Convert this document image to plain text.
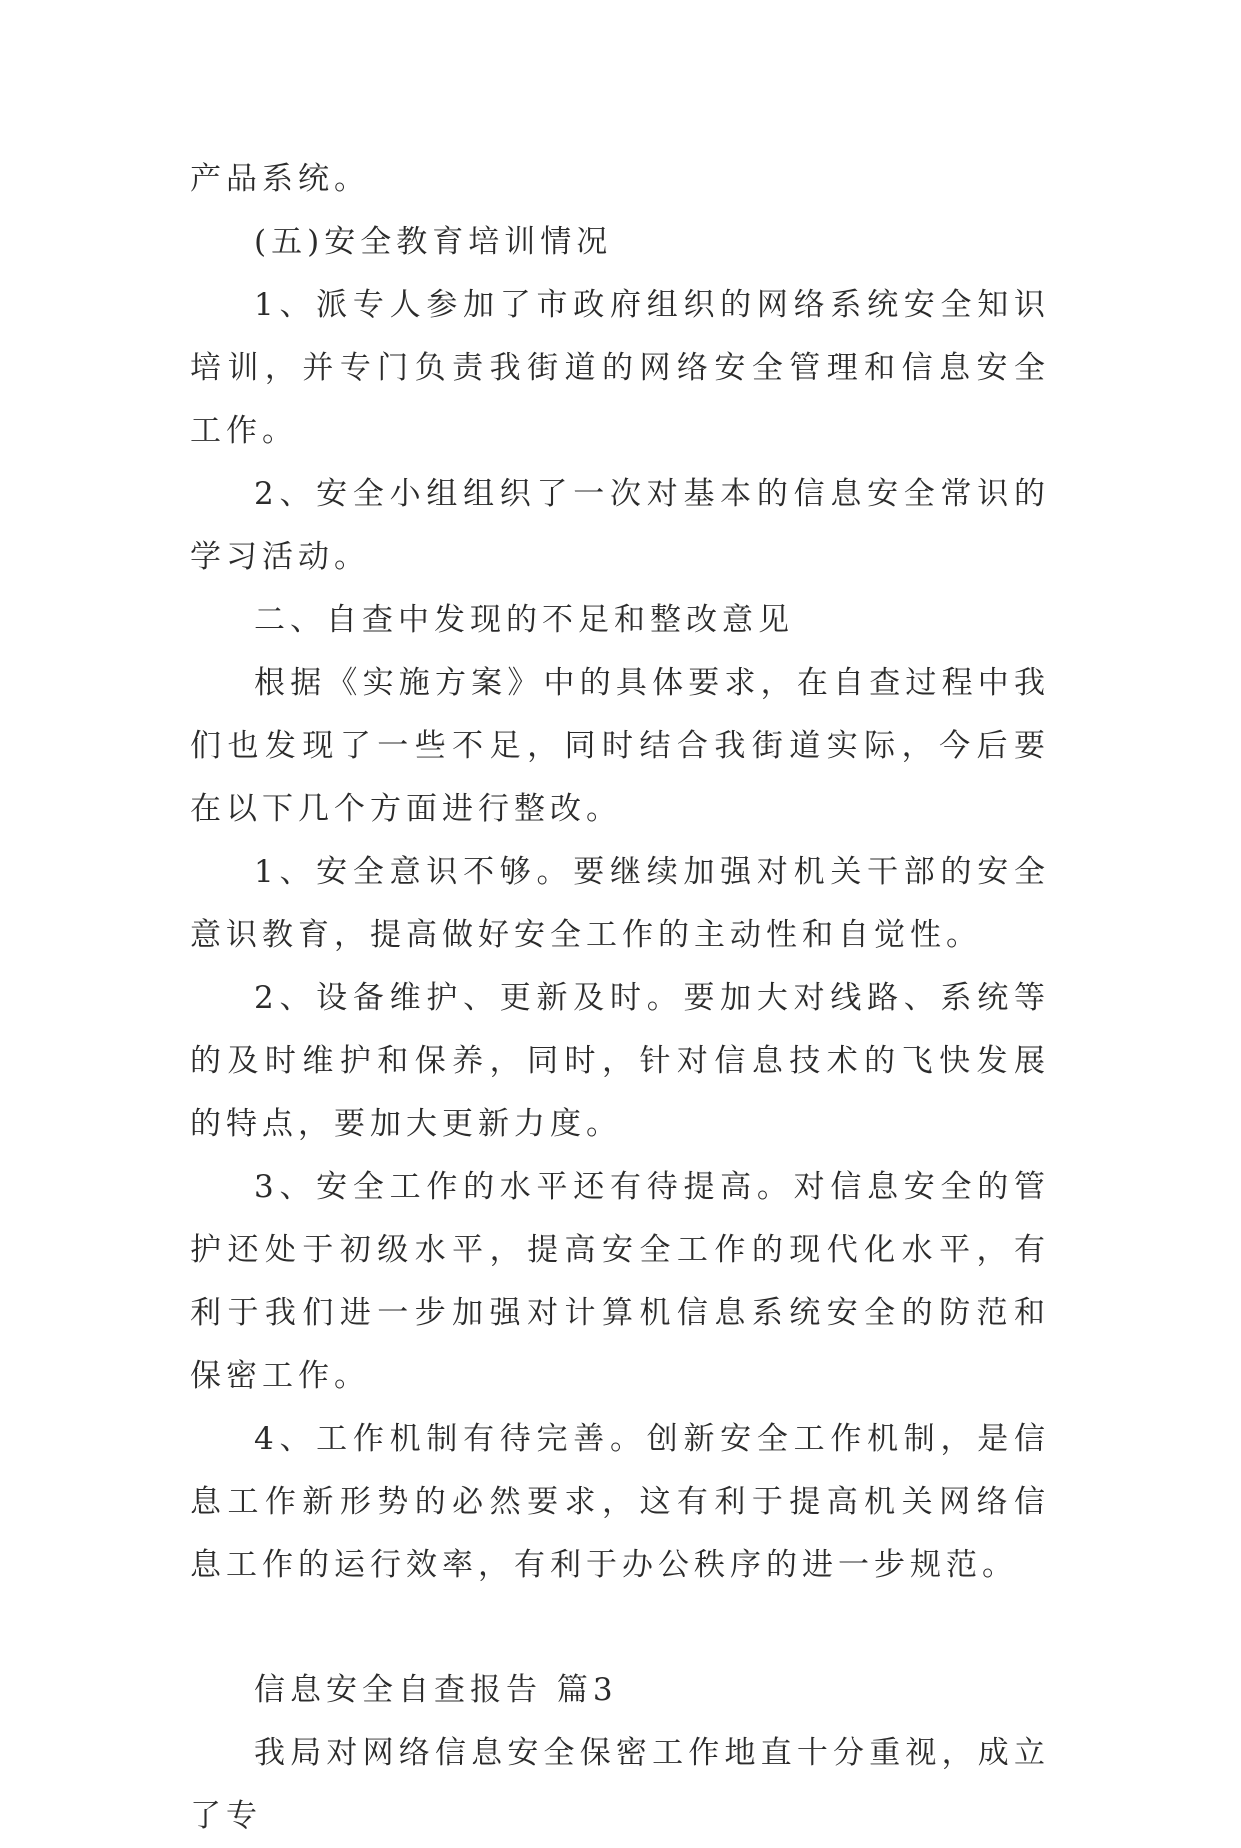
产品系统。

(五)安全教育培训情况

1、派专人参加了市政府组织的网络系统安全知识培训，并专门负责我街道的网络安全管理和信息安全工作。

2、安全小组组织了一次对基本的信息安全常识的学习活动。

二、自查中发现的不足和整改意见

根据《实施方案》中的具体要求，在自查过程中我们也发现了一些不足，同时结合我街道实际，今后要在以下几个方面进行整改。

1、安全意识不够。要继续加强对机关干部的安全意识教育，提高做好安全工作的主动性和自觉性。

2、设备维护、更新及时。要加大对线路、系统等的及时维护和保养，同时，针对信息技术的飞快发展的特点，要加大更新力度。

3、安全工作的水平还有待提高。对信息安全的管护还处于初级水平，提高安全工作的现代化水平，有利于我们进一步加强对计算机信息系统安全的防范和保密工作。

4、工作机制有待完善。创新安全工作机制，是信息工作新形势的必然要求，这有利于提高机关网络信息工作的运行效率，有利于办公秩序的进一步规范。

信息安全自查报告 篇3

我局对网络信息安全保密工作地直十分重视，成立了专
